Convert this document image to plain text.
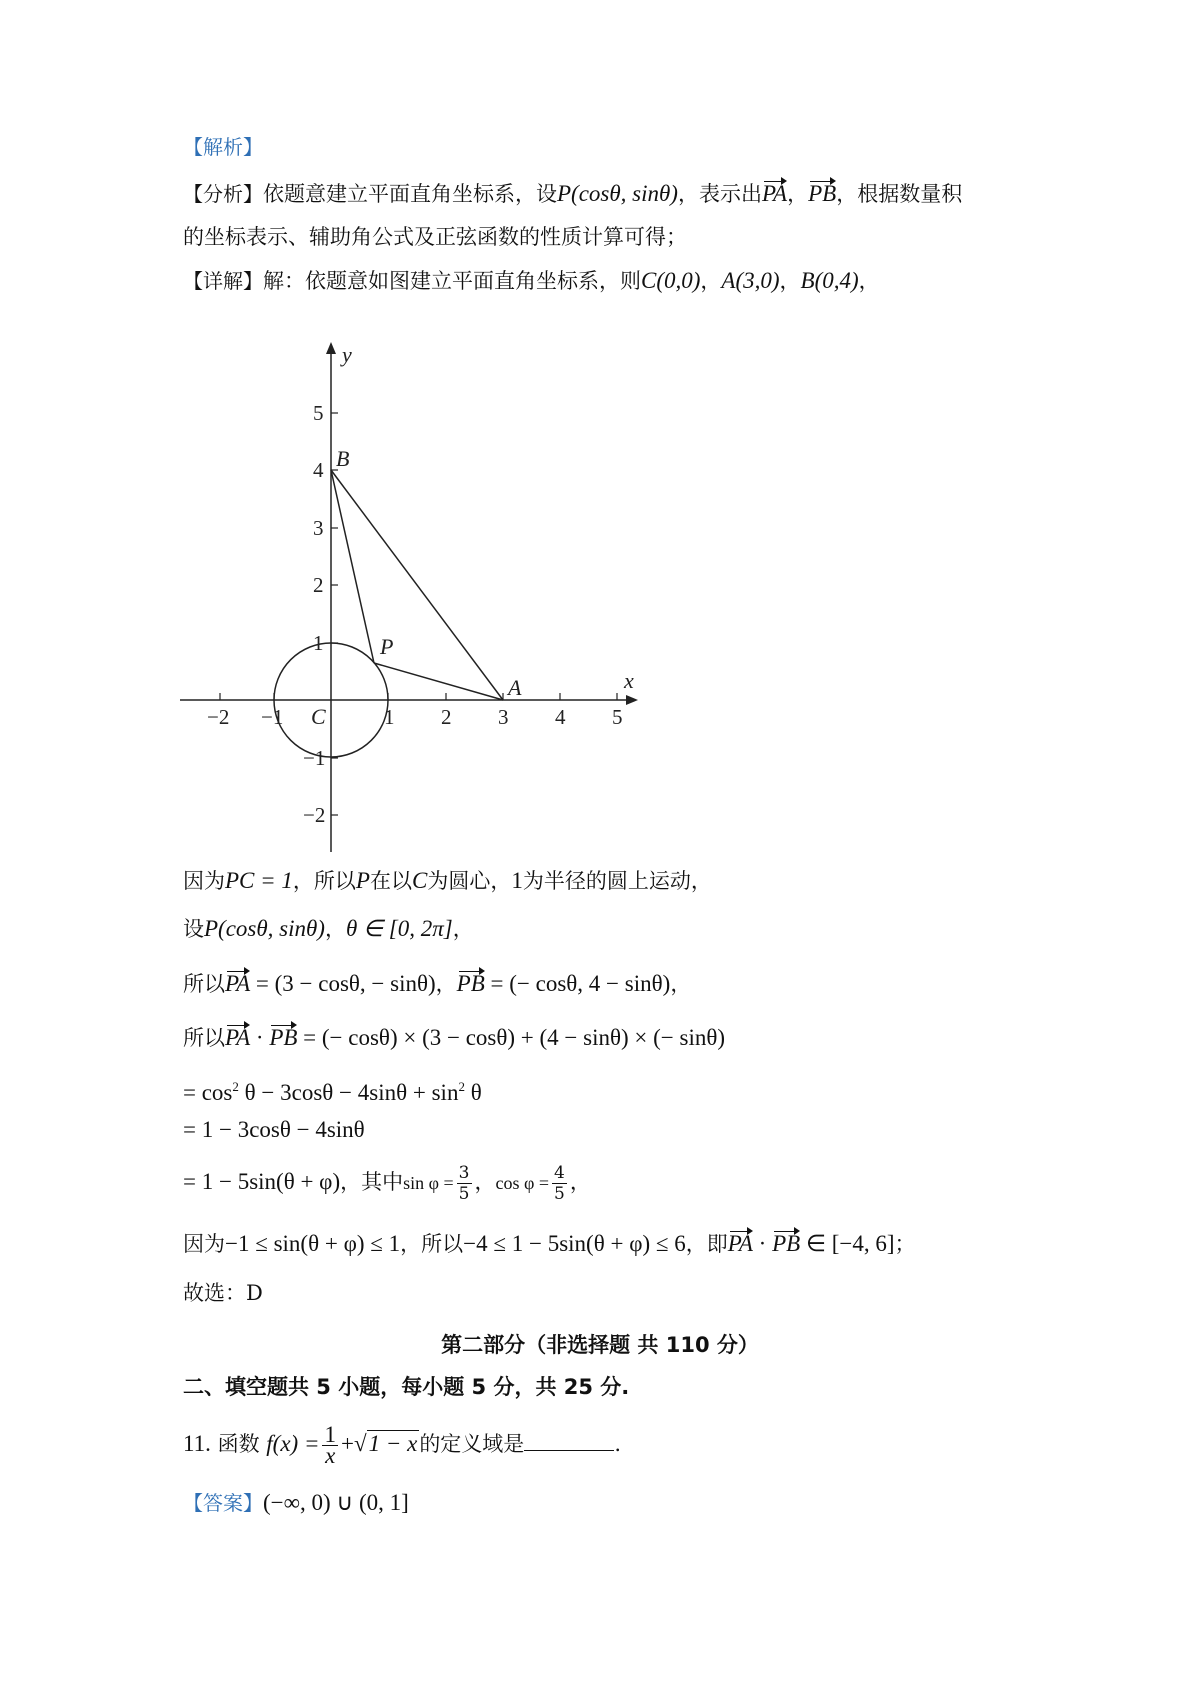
【解析】
【分析】依题意建立平面直角坐标系，设P(cosθ, sinθ)，表示出PA，PB，根据数量积
的坐标表示、辅助角公式及正弦函数的性质计算可得；
【详解】解：依题意如图建立平面直角坐标系，则C(0,0)，A(3,0)，B(0,4)，
−2 −1	1 2 3 4 5
5
4
3
2
1
−1
−2
x
y
B
P
A
C
因为PC = 1，所以P在以C为圆心，1为半径的圆上运动，
设P(cosθ, sinθ)，θ ∈ [0, 2π]，
所以PA = (3 − cosθ, − sinθ)，PB = (− cosθ, 4 − sinθ)，
所以PA · PB = (− cosθ) × (3 − cosθ) + (4 − sinθ) × (− sinθ)
= $\cos^2 \theta - 3\cos\theta - 4\sin\theta + \sin^2 \theta$
= 1 − 3cosθ − 4sinθ
= 1 − 5sin(θ + φ)，其中$\sin \varphi = \frac{3}{5}$ ，$\cos \varphi = \frac{4}{5}$ ，
因为−1 ≤ sin(θ + φ) ≤ 1，所以−4 ≤ 1 − 5sin(θ + φ) ≤ 6，即PA · PB ∈ [−4, 6]；
故选：D
第二部分（非选择题 共 110 分）
二、填空题共 5 小题，每小题 5 分，共 25 分.
11. 函数 $f(x) = \frac{1}{x} +√1 - x$的定义域是	.
【答案】(−∞, 0) ∪ (0, 1]
